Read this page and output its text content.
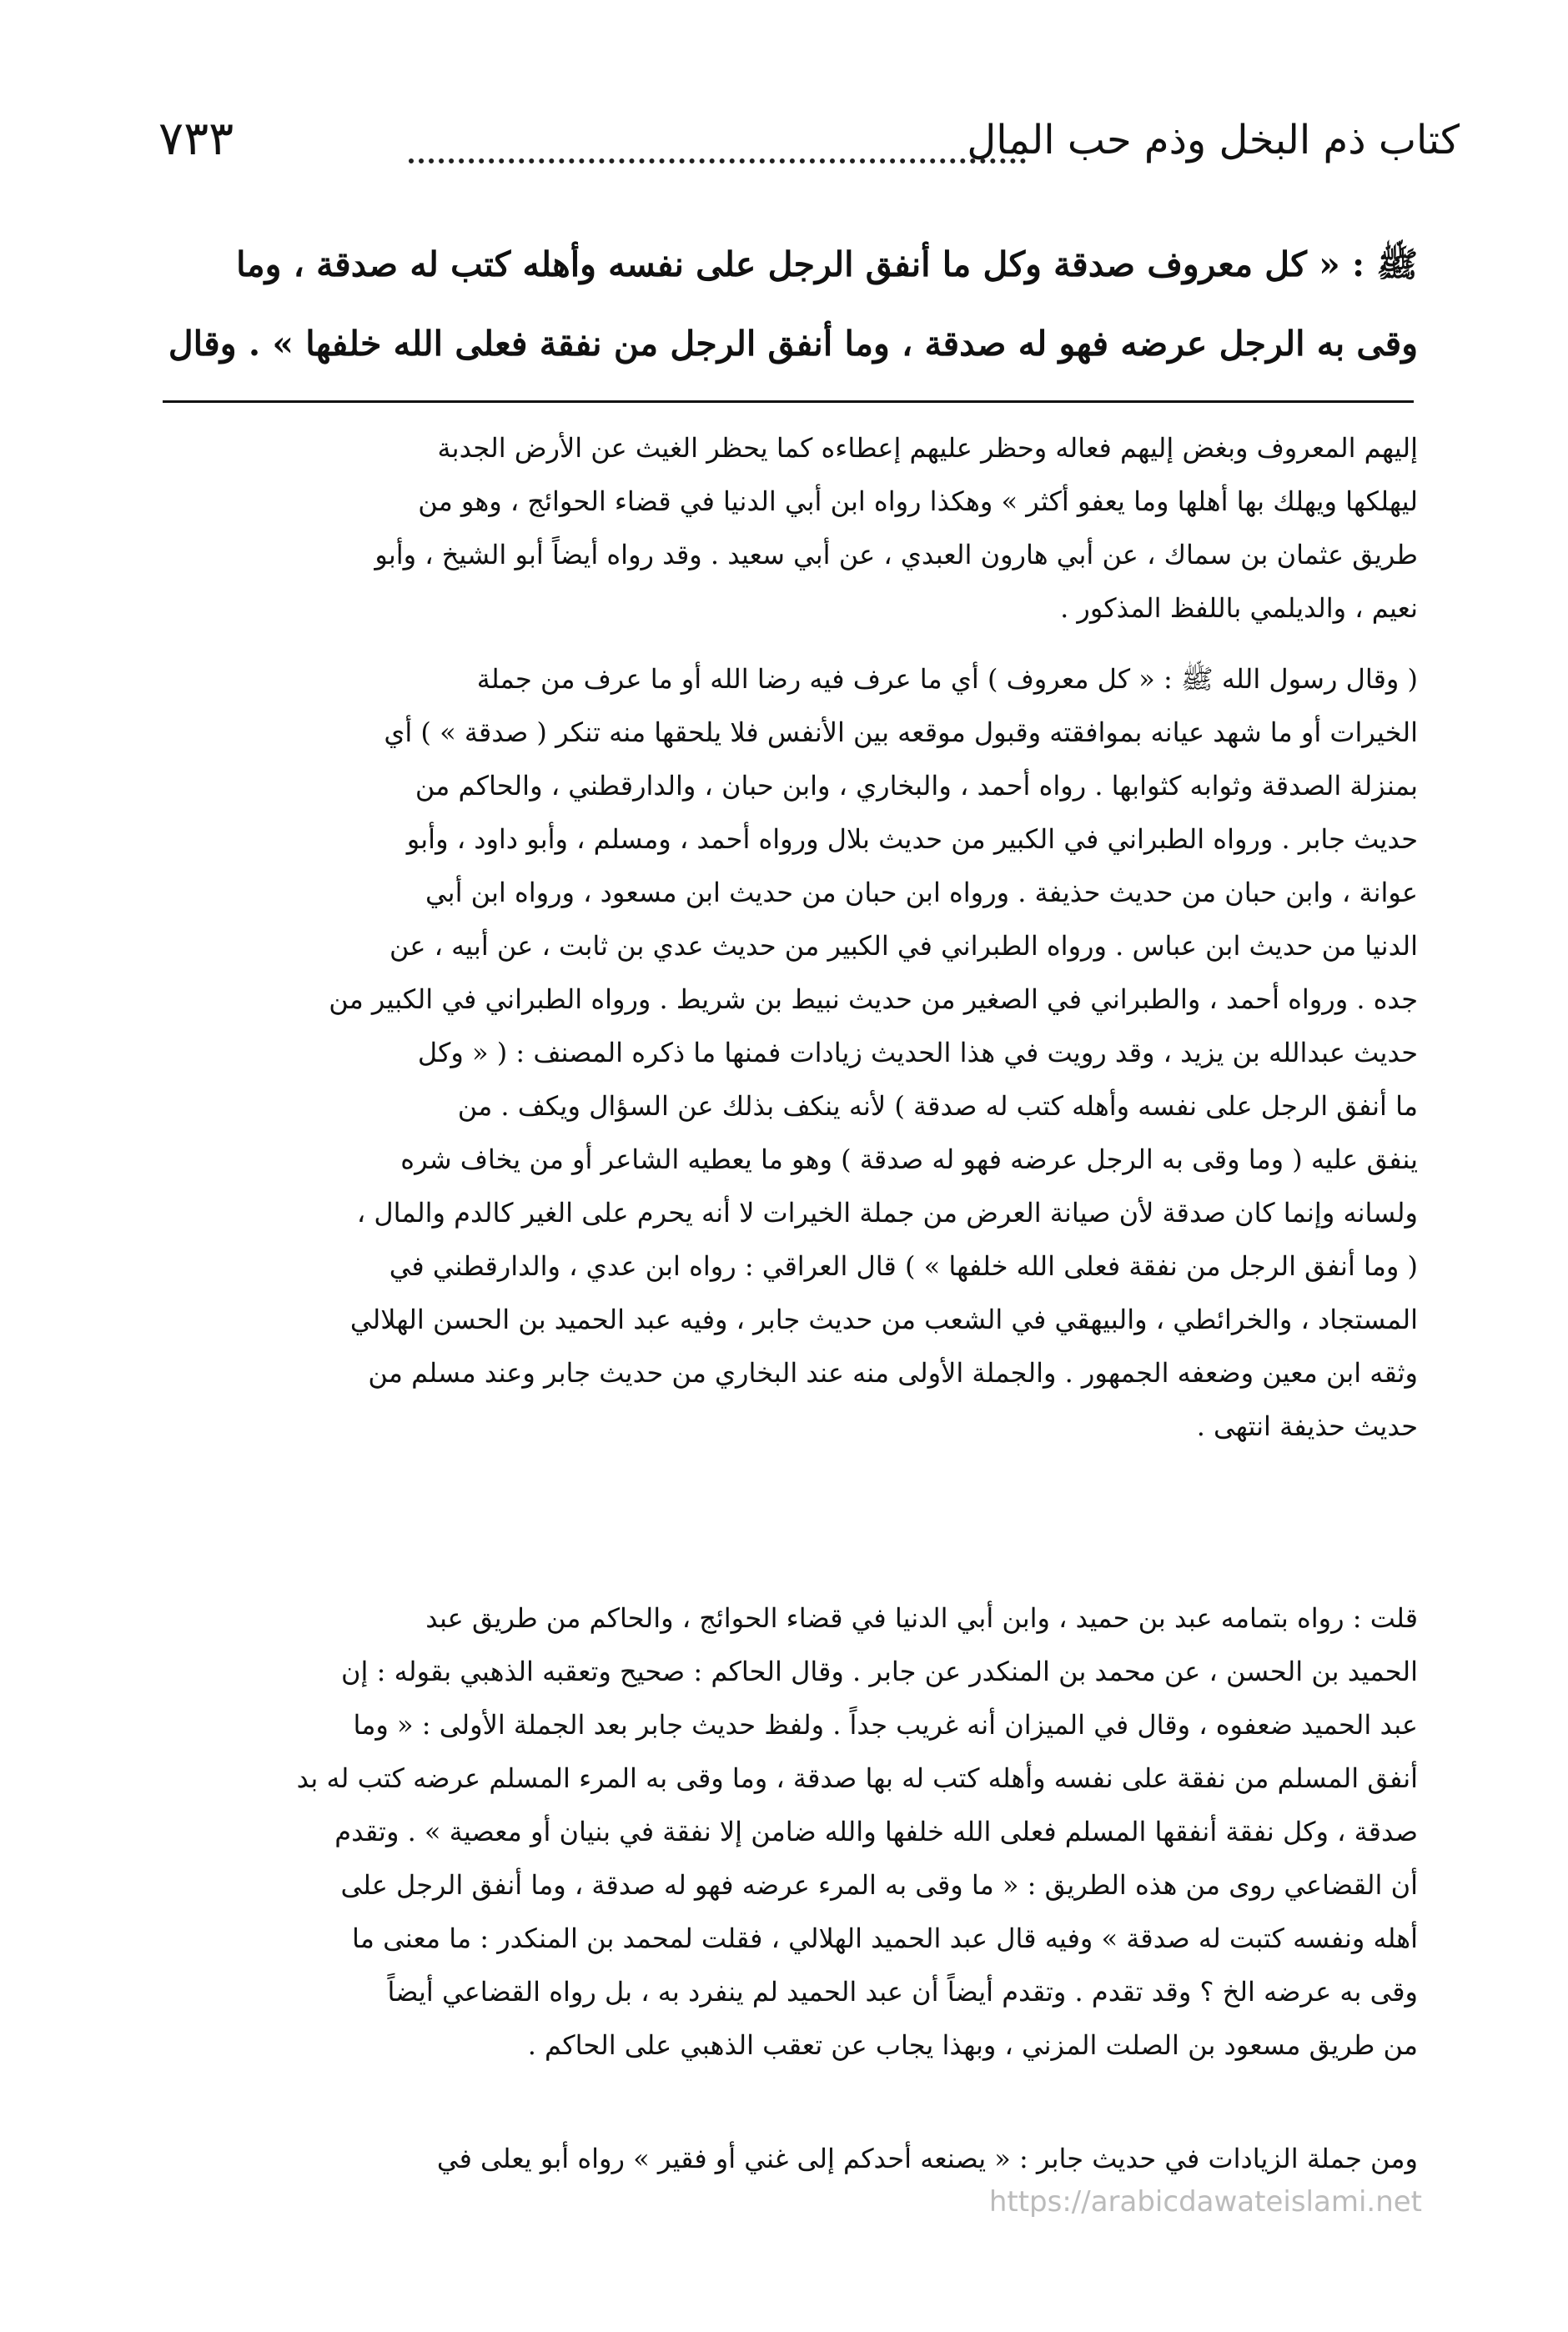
كتاب ذم البخل وذم حب المال
٧٣٣
ﷺ : « كل معروف صدقة وكل ما أنفق الرجل على نفسه وأهله كتب له صدقة ، وما
وقى به الرجل عرضه فهو له صدقة ، وما أنفق الرجل من نفقة فعلى الله خلفها » . وقال
إليهم المعروف وبغض إليهم فعاله وحظر عليهم إعطاءه كما يحظر الغيث عن الأرض الجدبة
ليهلكها ويهلك بها أهلها وما يعفو أكثر » وهكذا رواه ابن أبي الدنيا في قضاء الحوائج ، وهو من
طريق عثمان بن سماك ، عن أبي هارون العبدي ، عن أبي سعيد . وقد رواه أيضاً أبو الشيخ ، وأبو
نعيم ، والديلمي باللفظ المذكور .
( وقال رسول الله ﷺ : « كل معروف ) أي ما عرف فيه رضا الله أو ما عرف من جملة
الخيرات أو ما شهد عيانه بموافقته وقبول موقعه بين الأنفس فلا يلحقها منه تنكر ( صدقة » ) أي
بمنزلة الصدقة وثوابه كثوابها . رواه أحمد ، والبخاري ، وابن حبان ، والدارقطني ، والحاكم من
حديث جابر . ورواه الطبراني في الكبير من حديث بلال ورواه أحمد ، ومسلم ، وأبو داود ، وأبو
عوانة ، وابن حبان من حديث حذيفة . ورواه ابن حبان من حديث ابن مسعود ، ورواه ابن أبي
الدنيا من حديث ابن عباس . ورواه الطبراني في الكبير من حديث عدي بن ثابت ، عن أبيه ، عن
جده . ورواه أحمد ، والطبراني في الصغير من حديث نبيط بن شريط . ورواه الطبراني في الكبير من
حديث عبدالله بن يزيد ، وقد رويت في هذا الحديث زيادات فمنها ما ذكره المصنف : ( « وكل
ما أنفق الرجل على نفسه وأهله كتب له صدقة ) لأنه ينكف بذلك عن السؤال ويكف . من
ينفق عليه ( وما وقى به الرجل عرضه فهو له صدقة ) وهو ما يعطيه الشاعر أو من يخاف شره
ولسانه وإنما كان صدقة لأن صيانة العرض من جملة الخيرات لا أنه يحرم على الغير كالدم والمال ،
( وما أنفق الرجل من نفقة فعلى الله خلفها » ) قال العراقي : رواه ابن عدي ، والدارقطني في
المستجاد ، والخرائطي ، والبيهقي في الشعب من حديث جابر ، وفيه عبد الحميد بن الحسن الهلالي
وثقه ابن معين وضعفه الجمهور . والجملة الأولى منه عند البخاري من حديث جابر وعند مسلم من
حديث حذيفة انتهى .
قلت : رواه بتمامه عبد بن حميد ، وابن أبي الدنيا في قضاء الحوائج ، والحاكم من طريق عبد
الحميد بن الحسن ، عن محمد بن المنكدر عن جابر . وقال الحاكم : صحيح وتعقبه الذهبي بقوله : إن
عبد الحميد ضعفوه ، وقال في الميزان أنه غريب جداً . ولفظ حديث جابر بعد الجملة الأولى : « وما
أنفق المسلم من نفقة على نفسه وأهله كتب له بها صدقة ، وما وقى به المرء المسلم عرضه كتب له بد
صدقة ، وكل نفقة أنفقها المسلم فعلى الله خلفها والله ضامن إلا نفقة في بنيان أو معصية » . وتقدم
أن القضاعي روى من هذه الطريق : « ما وقى به المرء عرضه فهو له صدقة ، وما أنفق الرجل على
أهله ونفسه كتبت له صدقة » وفيه قال عبد الحميد الهلالي ، فقلت لمحمد بن المنكدر : ما معنى ما
وقى به عرضه الخ ؟ وقد تقدم . وتقدم أيضاً أن عبد الحميد لم ينفرد به ، بل رواه القضاعي أيضاً
من طريق مسعود بن الصلت المزني ، وبهذا يجاب عن تعقب الذهبي على الحاكم .
ومن جملة الزيادات في حديث جابر : « يصنعه أحدكم إلى غني أو فقير » رواه أبو يعلى في
https://arabicdawateislami.net
